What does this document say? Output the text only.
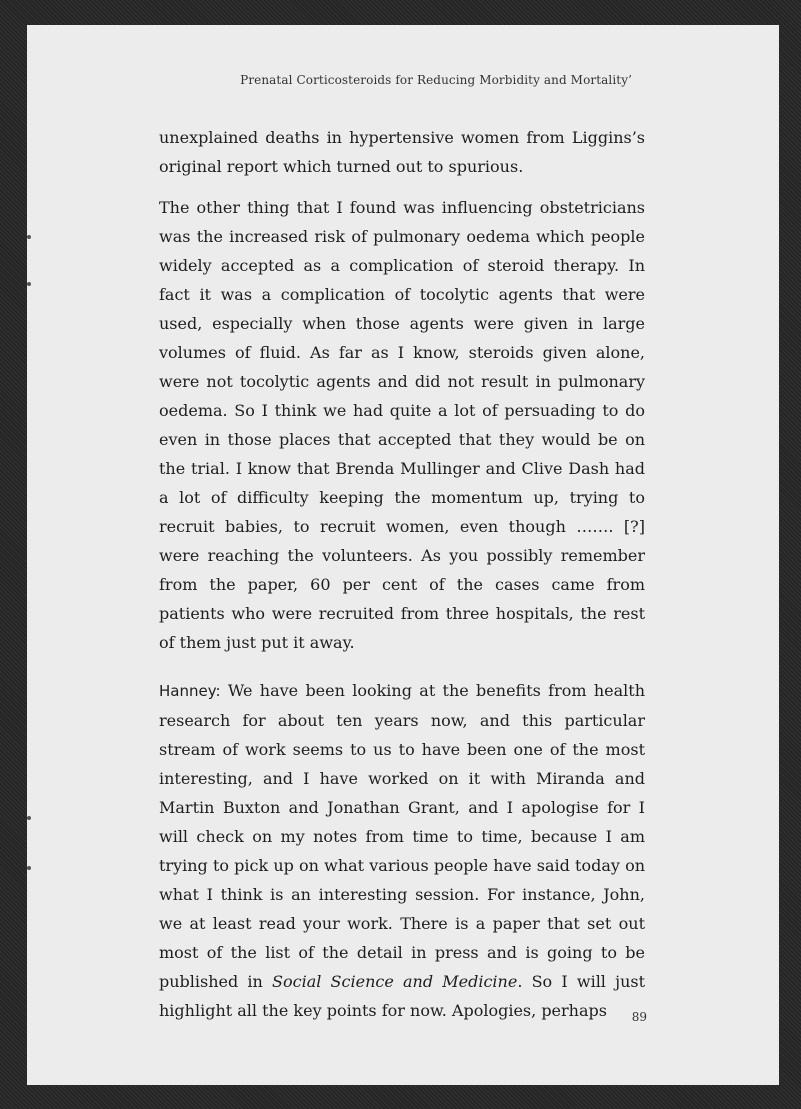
Prenatal Corticosteroids for Reducing Morbidity and Mortality’

unexplained deaths in hypertensive women from Liggins’s original report which turned out to spurious.

The other thing that I found was influencing obstetricians was the increased risk of pulmonary oedema which people widely accepted as a complication of steroid therapy. In fact it was a complication of tocolytic agents that were used, especially when those agents were given in large volumes of fluid. As far as I know, steroids given alone, were not tocolytic agents and did not result in pulmonary oedema. So I think we had quite a lot of persuading to do even in those places that accepted that they would be on the trial. I know that Brenda Mullinger and Clive Dash had a lot of difficulty keeping the momentum up, trying to recruit babies, to recruit women, even though ……. [?] were reaching the volunteers. As you possibly remember from the paper, 60 per cent of the cases came from patients who were recruited from three hospitals, the rest of them just put it away.

Hanney: We have been looking at the benefits from health research for about ten years now, and this particular stream of work seems to us to have been one of the most interesting, and I have worked on it with Miranda and Martin Buxton and Jonathan Grant, and I apologise for I will check on my notes from time to time, because I am trying to pick up on what various people have said today on what I think is an interesting session. For instance, John, we at least read your work. There is a paper that set out most of the list of the detail in press and is going to be published in Social Science and Medicine. So I will just highlight all the key points for now. Apologies, perhaps	89
